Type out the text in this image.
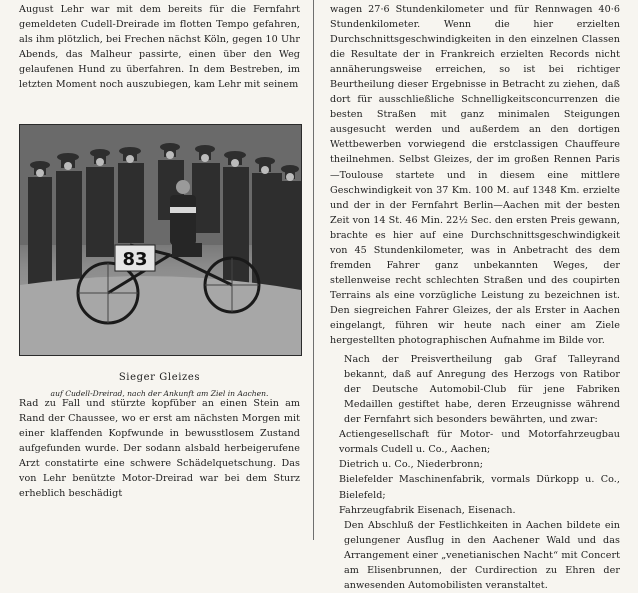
August Lehr war mit dem bereits für die Fernfahrt gemeldeten Cudell-Dreirade im flotten Tempo gefahren, als ihm plötzlich, bei Frechen nächst Köln, gegen 10 Uhr Abends, das Malheur passirte, einen über den Weg gelaufenen Hund zu überfahren. In dem Bestreben, im letzten Moment noch auszubiegen, kam Lehr mit seinem

83
Sieger Gleizes
auf Cudell-Dreirad, nach der Ankunft am Ziel in Aachen.

Rad zu Fall und stürzte kopfüber an einen Stein am Rand der Chaussee, wo er erst am nächsten Morgen mit einer klaffenden Kopfwunde in bewusstlosem Zustand aufgefunden wurde. Der sodann alsbald herbeigerufene Arzt constatirte eine schwere Schädelquetschung. Das von Lehr benützte Motor-Dreirad war bei dem Sturz erheblich beschädigt

wagen 27·6 Stundenkilometer und für Rennwagen 40·6 Stundenkilometer. Wenn die hier erzielten Durchschnittsgeschwindigkeiten in den einzelnen Classen die Resultate der in Frankreich erzielten Records nicht annäherungsweise erreichen, so ist bei richtiger Beurtheilung dieser Ergebnisse in Betracht zu ziehen, daß dort für ausschließliche Schnelligkeitsconcurrenzen die besten Straßen mit ganz minimalen Steigungen ausgesucht werden und außerdem an den dortigen Wettbewerben vorwiegend die erstclassigen Chauffeure theilnehmen. Selbst Gleizes, der im großen Rennen Paris—Toulouse startete und in diesem eine mittlere Geschwindigkeit von 37 Km. 100 M. auf 1348 Km. erzielte und der in der Fernfahrt Berlin—Aachen mit der besten Zeit von 14 St. 46 Min. 22½ Sec. den ersten Preis gewann, brachte es hier auf eine Durchschnittsgeschwindigkeit von 45 Stundenkilometer, was in Anbetracht des dem fremden Fahrer ganz unbekannten Weges, der stellenweise recht schlechten Straßen und des coupirten Terrains als eine vorzügliche Leistung zu bezeichnen ist. Den siegreichen Fahrer Gleizes, der als Erster in Aachen eingelangt, führen wir heute nach einer am Ziele hergestellten photographischen Aufnahme im Bilde vor.

Nach der Preisvertheilung gab Graf Talleyrand bekannt, daß auf Anregung des Herzogs von Ratibor der Deutsche Automobil-Club für jene Fabriken Medaillen gestiftet habe, deren Erzeugnisse während der Fernfahrt sich besonders bewährten, und zwar:

Actiengesellschaft für Motor- und Motorfahrzeugbau vormals Cudell u. Co., Aachen;

Dietrich u. Co., Niederbronn;

Bielefelder Maschinenfabrik, vormals Dürkopp u. Co., Bielefeld;

Fahrzeugfabrik Eisenach, Eisenach.

Den Abschluß der Festlichkeiten in Aachen bildete ein gelungener Ausflug in den Aachener Wald und das Arrangement einer „venetianischen Nacht“ mit Concert am Elisenbrunnen, der Curdirection zu Ehren der anwesenden Automobilisten veranstaltet.
